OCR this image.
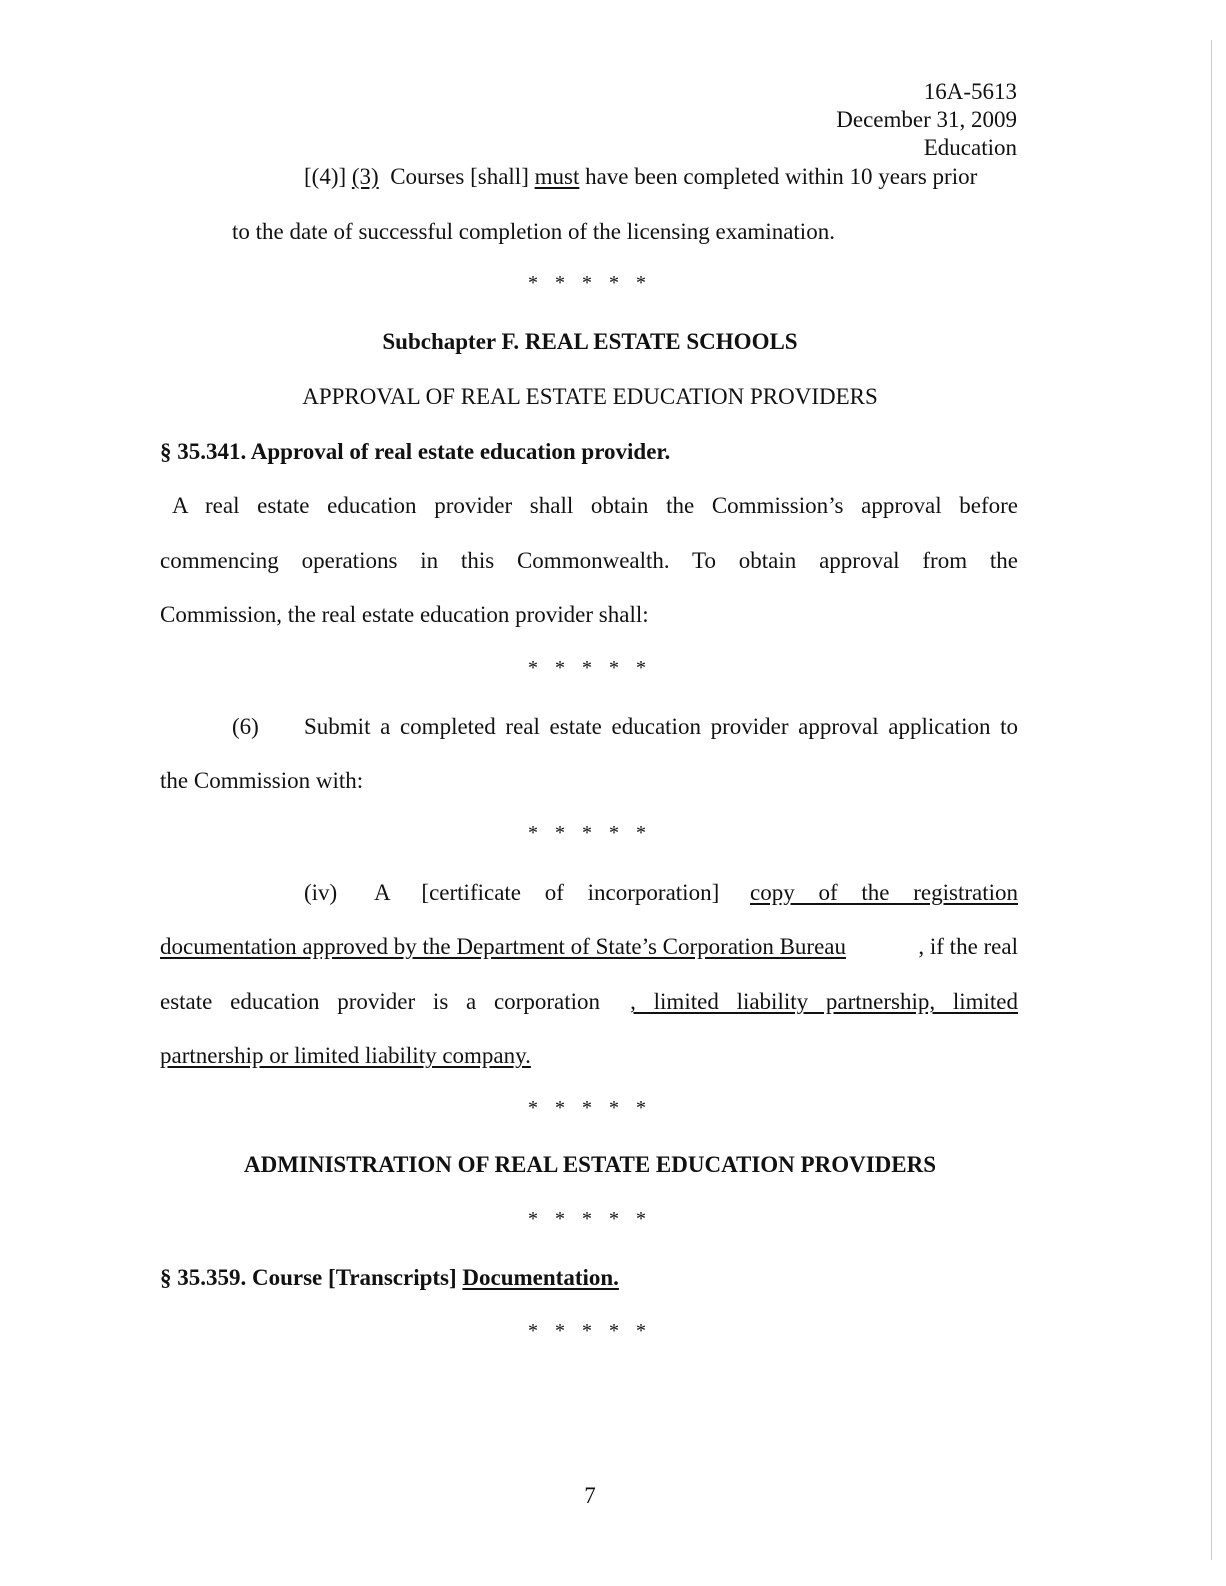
16A-5613
December 31, 2009
Education
[(4)] (3) Courses [shall] must have been completed within 10 years prior
to the date of successful completion of the licensing examination.
* * * * *
Subchapter F. REAL ESTATE SCHOOLS
APPROVAL OF REAL ESTATE EDUCATION PROVIDERS
§ 35.341. Approval of real estate education provider.
A real estate education provider shall obtain the Commission’s approval before
commencing operations in this Commonwealth. To obtain approval from the
Commission, the real estate education provider shall:
* * * * *
(6) Submit a completed real estate education provider approval application to
the Commission with:
* * * * *
(iv) A [certificate of incorporation] copy of the registration
documentation approved by the Department of State’s Corporation Bureau	, if the real
estate education provider is a corporation , limited liability partnership, limited
partnership or limited liability company.
* * * * *
ADMINISTRATION OF REAL ESTATE EDUCATION PROVIDERS
* * * * *
§ 35.359. Course [Transcripts] Documentation.
* * * * *
7
